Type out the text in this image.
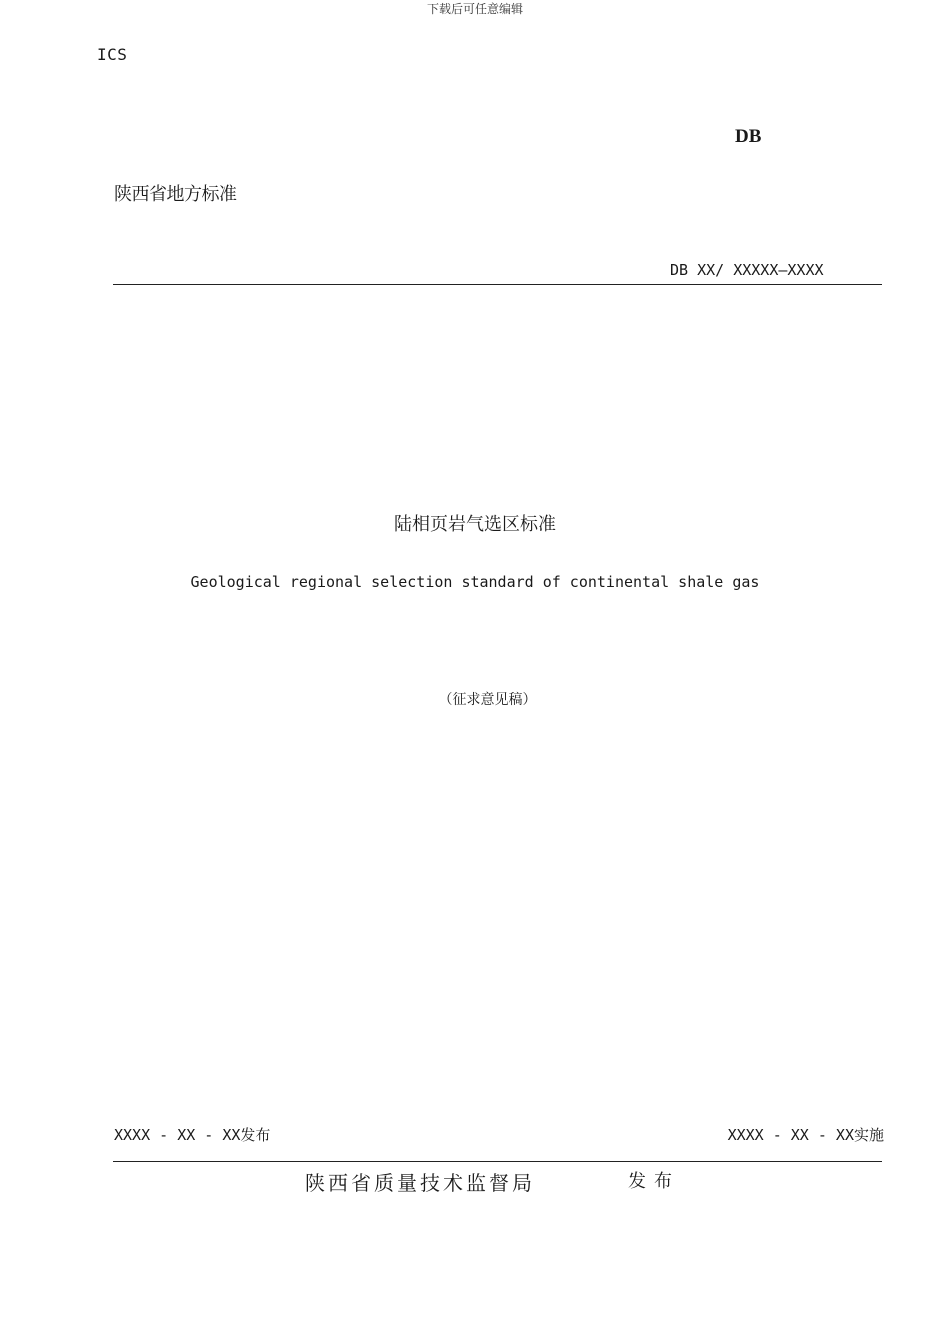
下载后可任意编辑
ICS
DB
陕西省地方标准
DB XX/ XXXXX—XXXX
陆相页岩气选区标准
Geological regional selection standard of continental shale gas
（征求意见稿）
XXXX - XX - XX发布	XXXX - XX - XX实施
陕西省质量技术监督局	发布
